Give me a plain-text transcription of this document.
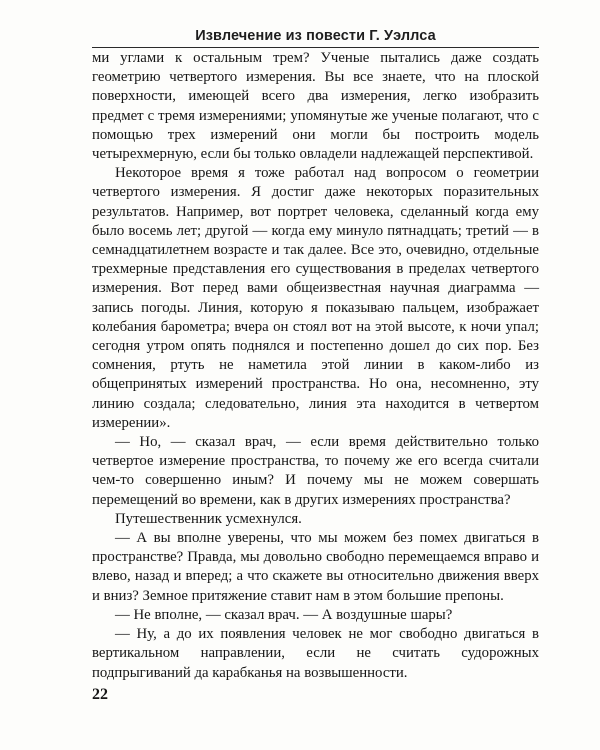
Извлечение из повести Г. Уэллса

ми углами к остальным трем? Ученые пытались даже создать геометрию четвертого измерения. Вы все знаете, что на плоской поверхности, имеющей всего два измерения, легко изобразить предмет с тремя измерениями; упомянутые же ученые полагают, что с помощью трех измерений они могли бы построить модель четырехмерную, если бы только овладели надлежащей перспективой.

Некоторое время я тоже работал над вопросом о геометрии четвертого измерения. Я достиг даже некоторых поразительных результатов. Например, вот портрет человека, сделанный когда ему было восемь лет; другой — когда ему минуло пятнадцать; третий — в семнадцатилетнем возрасте и так далее. Все это, очевидно, отдельные трехмерные представления его существования в пределах четвертого измерения. Вот перед вами общеизвестная научная диаграмма — запись погоды. Линия, которую я показываю пальцем, изображает колебания барометра; вчера он стоял вот на этой высоте, к ночи упал; сегодня утром опять поднялся и постепенно дошел до сих пор. Без сомнения, ртуть не наметила этой линии в каком-либо из общепринятых измерений пространства. Но она, несомненно, эту линию создала; следовательно, линия эта находится в четвертом измерении».

— Но, — сказал врач, — если время действительно только четвертое измерение пространства, то почему же его всегда считали чем-то совершенно иным? И почему мы не можем совершать перемещений во времени, как в других измерениях пространства?

Путешественник усмехнулся.

— А вы вполне уверены, что мы можем без помех двигаться в пространстве? Правда, мы довольно свободно перемещаемся вправо и влево, назад и вперед; а что скажете вы относительно движения вверх и вниз? Земное притяжение ставит нам в этом большие препоны.

— Не вполне, — сказал врач. — А воздушные шары?

— Ну, а до их появления человек не мог свободно двигаться в вертикальном направлении, если не считать судорожных подпрыгиваний да карабканья на возвышенности.

22
